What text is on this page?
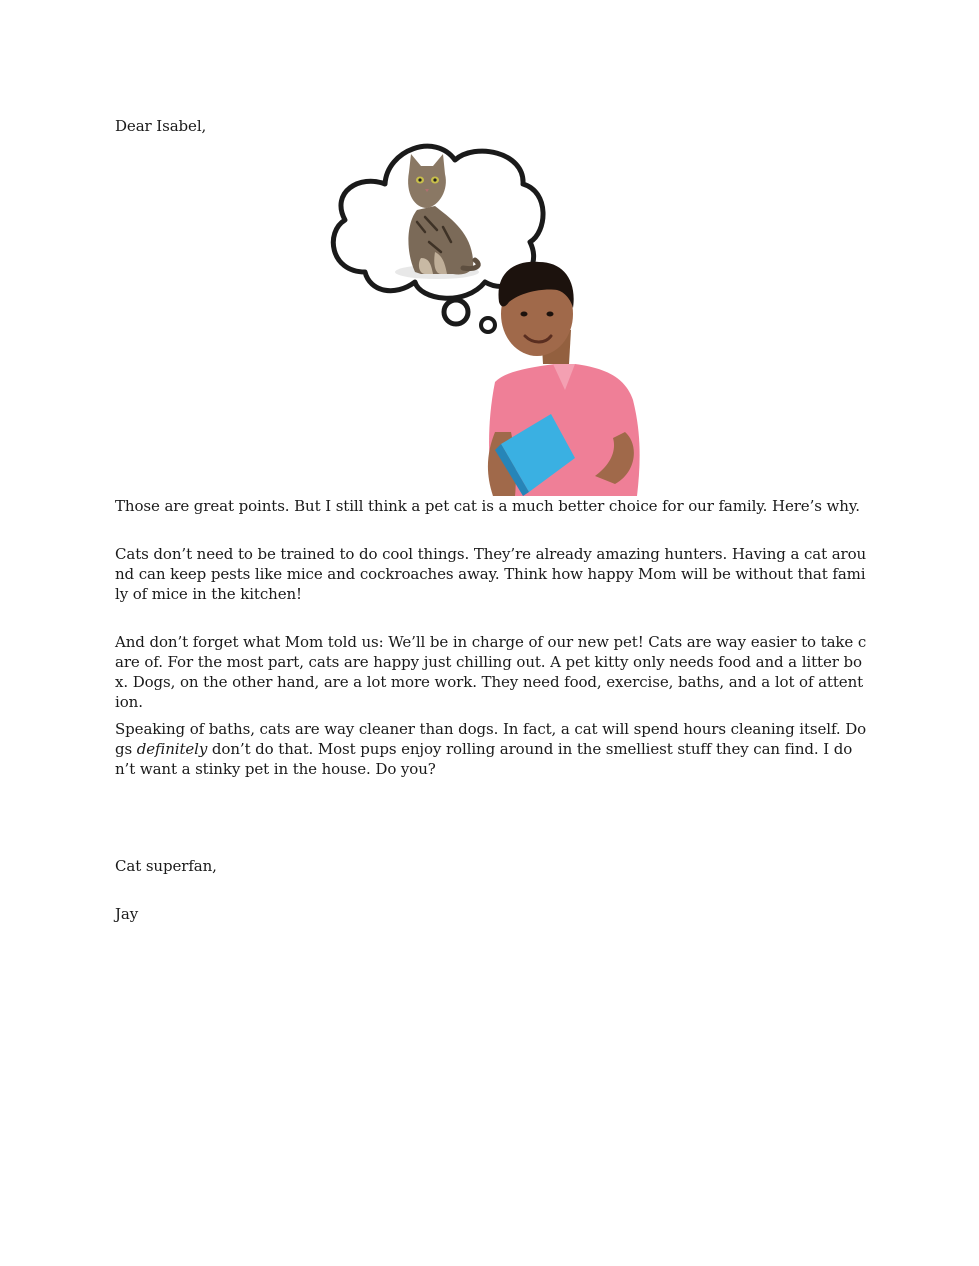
Dear Isabel,

Those are great points. But I still think a pet cat is a much better choice for our family. Here’s why.

Cats don’t need to be trained to do cool things. They’re already amazing hunters. Having a cat around can keep pests like mice and cockroaches away. Think how happy Mom will be without that family of mice in the kitchen!

And don’t forget what Mom told us: We’ll be in charge of our new pet! Cats are way easier to take care of. For the most part, cats are happy just chilling out. A pet kitty only needs food and a litter box. Dogs, on the other hand, are a lot more work. They need food, exercise, baths, and a lot of attention.

Speaking of baths, cats are way cleaner than dogs. In fact, a cat will spend hours cleaning itself. Dogs definitely don’t do that. Most pups enjoy rolling around in the smelliest stuff they can find. I don’t want a stinky pet in the house. Do you?

Cat superfan,

Jay
